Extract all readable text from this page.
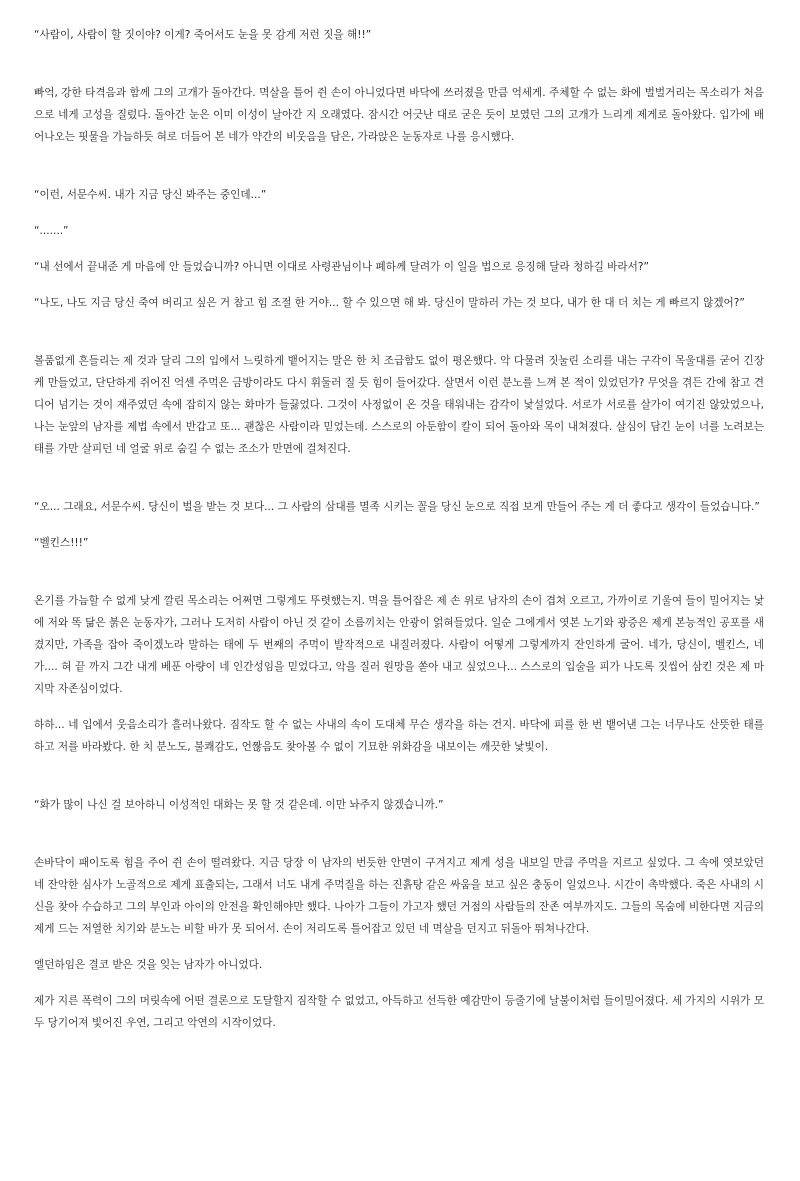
“사람이, 사람이 할 짓이야? 이게? 죽어서도 눈을 못 감게 저런 짓을 해!!”

빠억, 강한 타격음과 함께 그의 고개가 돌아간다. 멱살을 틀어 쥔 손이 아니었다면 바닥에 쓰러졌을 만큼 억세게. 주체할 수 없는 화에 벌벌거리는 목소리가 처음으로 네게 고성을 질렀다. 돌아간 눈은 이미 이성이 날아간 지 오래였다. 잠시간 어긋난 대로 굳은 듯이 보였던 그의 고개가 느리게 제게로 돌아왔다. 입가에 배어나오는 핏물을 가늠하듯 혀로 더듬어 본 네가 약간의 비웃음을 담은, 가라앉은 눈동자로 나를 응시했다.

“이런, 서문수씨. 내가 지금 당신 봐주는 중인데...”

“.......”

“내 선에서 끝내준 게 마음에 안 들었습니까? 아니면 이대로 사령관님이나 폐하께 달려가 이 일을 법으로 응징해 달라 청하길 바라서?”

“나도, 나도 지금 당신 죽여 버리고 싶은 거 참고 힘 조절 한 거야... 할 수 있으면 해 봐. 당신이 말하러 가는 것 보다, 내가 한 대 더 치는 게 빠르지 않겠어?”

볼품없게 흔들리는 제 것과 달리 그의 입에서 느릿하게 뱉어지는 말은 한 치 조급함도 없이 평온했다. 악 다물려 짓눌린 소리를 내는 구각이 목울대를 굳어 긴장케 만들었고, 단단하게 쥐어진 억센 주먹은 금방이라도 다시 휘둘러 질 듯 힘이 들어갔다. 살면서 이런 분노를 느껴 본 적이 있었던가? 무엇을 겪든 간에 참고 견디어 넘기는 것이 재주였던 속에 잡히지 않는 화마가 들끓었다. 그것이 사정없이 온 것을 태워내는 감각이 낯설었다. 서로가 서로를 살가이 여기진 않았었으나, 나는 눈앞의 남자를 제법 속에서 반갑고 또... 괜찮은 사람이라 믿었는데. 스스로의 아둔함이 칼이 되어 돌아와 목이 내쳐졌다. 살심이 담긴 눈이 너를 노려보는 태를 가만 살피던 네 얼굴 위로 숨길 수 없는 조소가 만면에 걸쳐진다.

“오... 그래요, 서문수씨. 당신이 벌을 받는 것 보다... 그 사람의 삼대를 멸족 시키는 꼴을 당신 눈으로 직접 보게 만들어 주는 게 더 좋다고 생각이 들었습니다.”

“벨킨스!!!”

온기를 가늠할 수 없게 낮게 깔린 목소리는 어쩌면 그렇게도 뚜렷했는지. 멱을 틀어잡은 제 손 위로 남자의 손이 겹쳐 오르고, 가까이로 기울여 들이 밀어지는 낯에 저와 똑 닮은 붉은 눈동자가, 그러나 도저히 사람이 아닌 것 같이 소름끼치는 안광이 얽혀들었다. 일순 그에게서 엿본 노기와 광증은 제게 본능적인 공포를 새겼지만, 가족을 잡아 죽이겠노라 말하는 태에 두 번째의 주먹이 발작적으로 내질러졌다. 사람이 어떻게 그렇게까지 잔인하게 굴어. 네가, 당신이, 벨킨스, 네가.... 혀 끝 까지 그간 내게 베푼 아량이 네 인간성임을 믿었다고, 악을 질러 원망을 쏟아 내고 싶었으나... 스스로의 입술을 피가 나도록 짓씹어 삼킨 것은 제 마지막 자존심이었다.

하하... 네 입에서 웃음소리가 흘러나왔다. 짐작도 할 수 없는 사내의 속이 도대체 무슨 생각을 하는 건지. 바닥에 피를 한 번 뱉어낸 그는 너무나도 산뜻한 태를 하고 저를 바라봤다. 한 치 분노도, 불쾌감도, 언짢음도 찾아볼 수 없이 기묘한 위화감을 내보이는 깨끗한 낯빛이.

“화가 많이 나신 걸 보아하니 이성적인 대화는 못 할 것 같은데. 이만 놔주지 않겠습니까.”

손바닥이 패이도록 힘을 주어 쥔 손이 떨려왔다. 지금 당장 이 남자의 번듯한 안면이 구겨지고 제게 성을 내보일 만큼 주먹을 지르고 싶었다. 그 속에 엿보았던 네 잔악한 심사가 노골적으로 제게 표출되는, 그래서 너도 내게 주먹질을 하는 진흙탕 같은 싸움을 보고 싶은 충동이 일었으나. 시간이 촉박했다. 죽은 사내의 시신을 찾아 수습하고 그의 부인과 아이의 안전을 확인해야만 했다. 나아가 그들이 가고자 했던 거점의 사람들의 잔존 여부까지도. 그들의 목숨에 비한다면 지금의 제게 드는 저열한 치기와 분노는 비할 바가 못 되어서. 손이 저리도록 틀어잡고 있던 네 멱살을 던지고 뒤돌아 뛰쳐나간다.

엘던하임은 결코 받은 것을 잊는 남자가 아니었다.

제가 지른 폭력이 그의 머릿속에 어떤 결론으로 도달할지 짐작할 수 없었고, 아득하고 선득한 예감만이 등줄기에 날불이처럼 들이밀어졌다. 세 가지의 시위가 모두 당기어져 빛어진 우연, 그리고 악연의 시작이었다.
